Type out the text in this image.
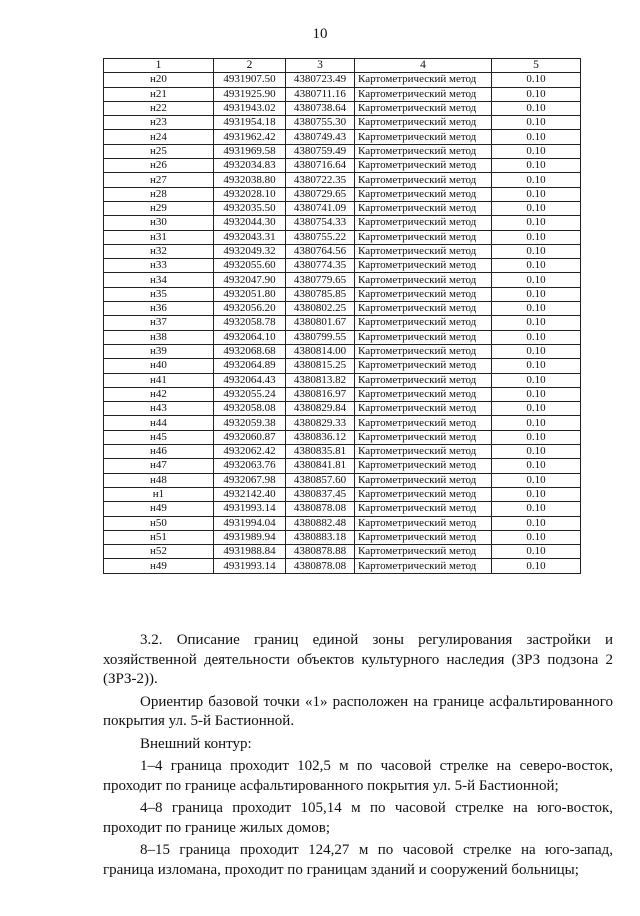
10
1	2	3	4	5
н20	4931907.50	4380723.49	Картометрический метод	0.10
н21	4931925.90	4380711.16	Картометрический метод	0.10
н22	4931943.02	4380738.64	Картометрический метод	0.10
н23	4931954.18	4380755.30	Картометрический метод	0.10
н24	4931962.42	4380749.43	Картометрический метод	0.10
н25	4931969.58	4380759.49	Картометрический метод	0.10
н26	4932034.83	4380716.64	Картометрический метод	0.10
н27	4932038.80	4380722.35	Картометрический метод	0.10
н28	4932028.10	4380729.65	Картометрический метод	0.10
н29	4932035.50	4380741.09	Картометрический метод	0.10
н30	4932044.30	4380754.33	Картометрический метод	0.10
н31	4932043.31	4380755.22	Картометрический метод	0.10
н32	4932049.32	4380764.56	Картометрический метод	0.10
н33	4932055.60	4380774.35	Картометрический метод	0.10
н34	4932047.90	4380779.65	Картометрический метод	0.10
н35	4932051.80	4380785.85	Картометрический метод	0.10
н36	4932056.20	4380802.25	Картометрический метод	0.10
н37	4932058.78	4380801.67	Картометрический метод	0.10
н38	4932064.10	4380799.55	Картометрический метод	0.10
н39	4932068.68	4380814.00	Картометрический метод	0.10
н40	4932064.89	4380815.25	Картометрический метод	0.10
н41	4932064.43	4380813.82	Картометрический метод	0.10
н42	4932055.24	4380816.97	Картометрический метод	0.10
н43	4932058.08	4380829.84	Картометрический метод	0.10
н44	4932059.38	4380829.33	Картометрический метод	0.10
н45	4932060.87	4380836.12	Картометрический метод	0.10
н46	4932062.42	4380835.81	Картометрический метод	0.10
н47	4932063.76	4380841.81	Картометрический метод	0.10
н48	4932067.98	4380857.60	Картометрический метод	0.10
н1	4932142.40	4380837.45	Картометрический метод	0.10
н49	4931993.14	4380878.08	Картометрический метод	0.10
н50	4931994.04	4380882.48	Картометрический метод	0.10
н51	4931989.94	4380883.18	Картометрический метод	0.10
н52	4931988.84	4380878.88	Картометрический метод	0.10
н49	4931993.14	4380878.08	Картометрический метод	0.10

3.2. Описание границ единой зоны регулирования застройки и хозяйственной деятельности объектов культурного наследия (ЗРЗ подзона 2 (ЗРЗ-2)).

Ориентир базовой точки «1» расположен на границе асфальтированного покрытия ул. 5-й Бастионной.

Внешний контур:

1–4 граница проходит 102,5 м по часовой стрелке на северо-восток, проходит по границе асфальтированного покрытия ул. 5-й Бастионной;

4–8 граница проходит 105,14 м по часовой стрелке на юго-восток, проходит по границе жилых домов;

8–15 граница проходит 124,27 м по часовой стрелке на юго-запад, граница изломана, проходит по границам зданий и сооружений больницы;
